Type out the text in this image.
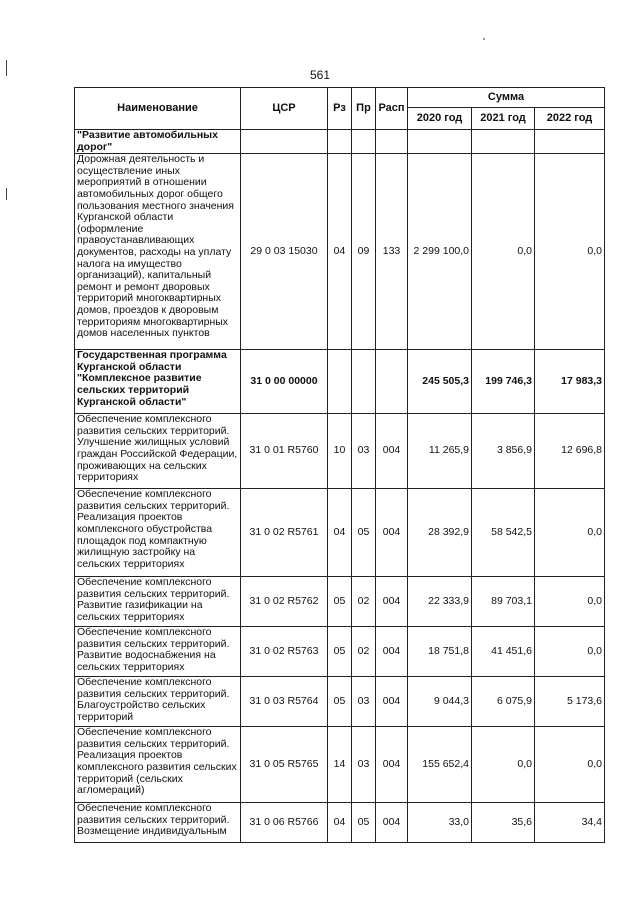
561
Наименование	ЦСР	Рз	Пр	Расп	Сумма		
					2020 год	2021 год	2022 год
"Развитие автомобильных дорог"							
Дорожная деятельность и осуществление иных мероприятий в отношении автомобильных дорог общего пользования местного значения Курганской области (оформление правоустанавливающих документов, расходы на уплату налога на имущество организаций), капитальный ремонт и ремонт дворовых территорий многоквартирных домов, проездов к дворовым территориям многоквартирных домов населенных пунктов	29 0 03 15030	04	09	133	2 299 100,0	0,0	0,0
Государственная программа Курганской области "Комплексное развитие сельских территорий Курганской области"	31 0 00 00000				245 505,3	199 746,3	17 983,3
Обеспечение комплексного развития сельских территорий. Улучшение жилищных условий граждан Российской Федерации, проживающих на сельских территориях	31 0 01 R5760	10	03	004	11 265,9	3 856,9	12 696,8
Обеспечение комплексного развития сельских территорий. Реализация проектов комплексного обустройства площадок под компактную жилищную застройку на сельских территориях	31 0 02 R5761	04	05	004	28 392,9	58 542,5	0,0
Обеспечение комплексного развития сельских территорий. Развитие газификации на сельских территориях	31 0 02 R5762	05	02	004	22 333,9	89 703,1	0,0
Обеспечение комплексного развития сельских территорий. Развитие водоснабжения на сельских территориях	31 0 02 R5763	05	02	004	18 751,8	41 451,6	0,0
Обеспечение комплексного развития сельских территорий. Благоустройство сельских территорий	31 0 03 R5764	05	03	004	9 044,3	6 075,9	5 173,6
Обеспечение комплексного развития сельских территорий. Реализация проектов комплексного развития сельских территорий (сельских агломераций)	31 0 05 R5765	14	03	004	155 652,4	0,0	0,0
Обеспечение комплексного развития сельских территорий. Возмещение индивидуальным	31 0 06 R5766	04	05	004	33,0	35,6	34,4
